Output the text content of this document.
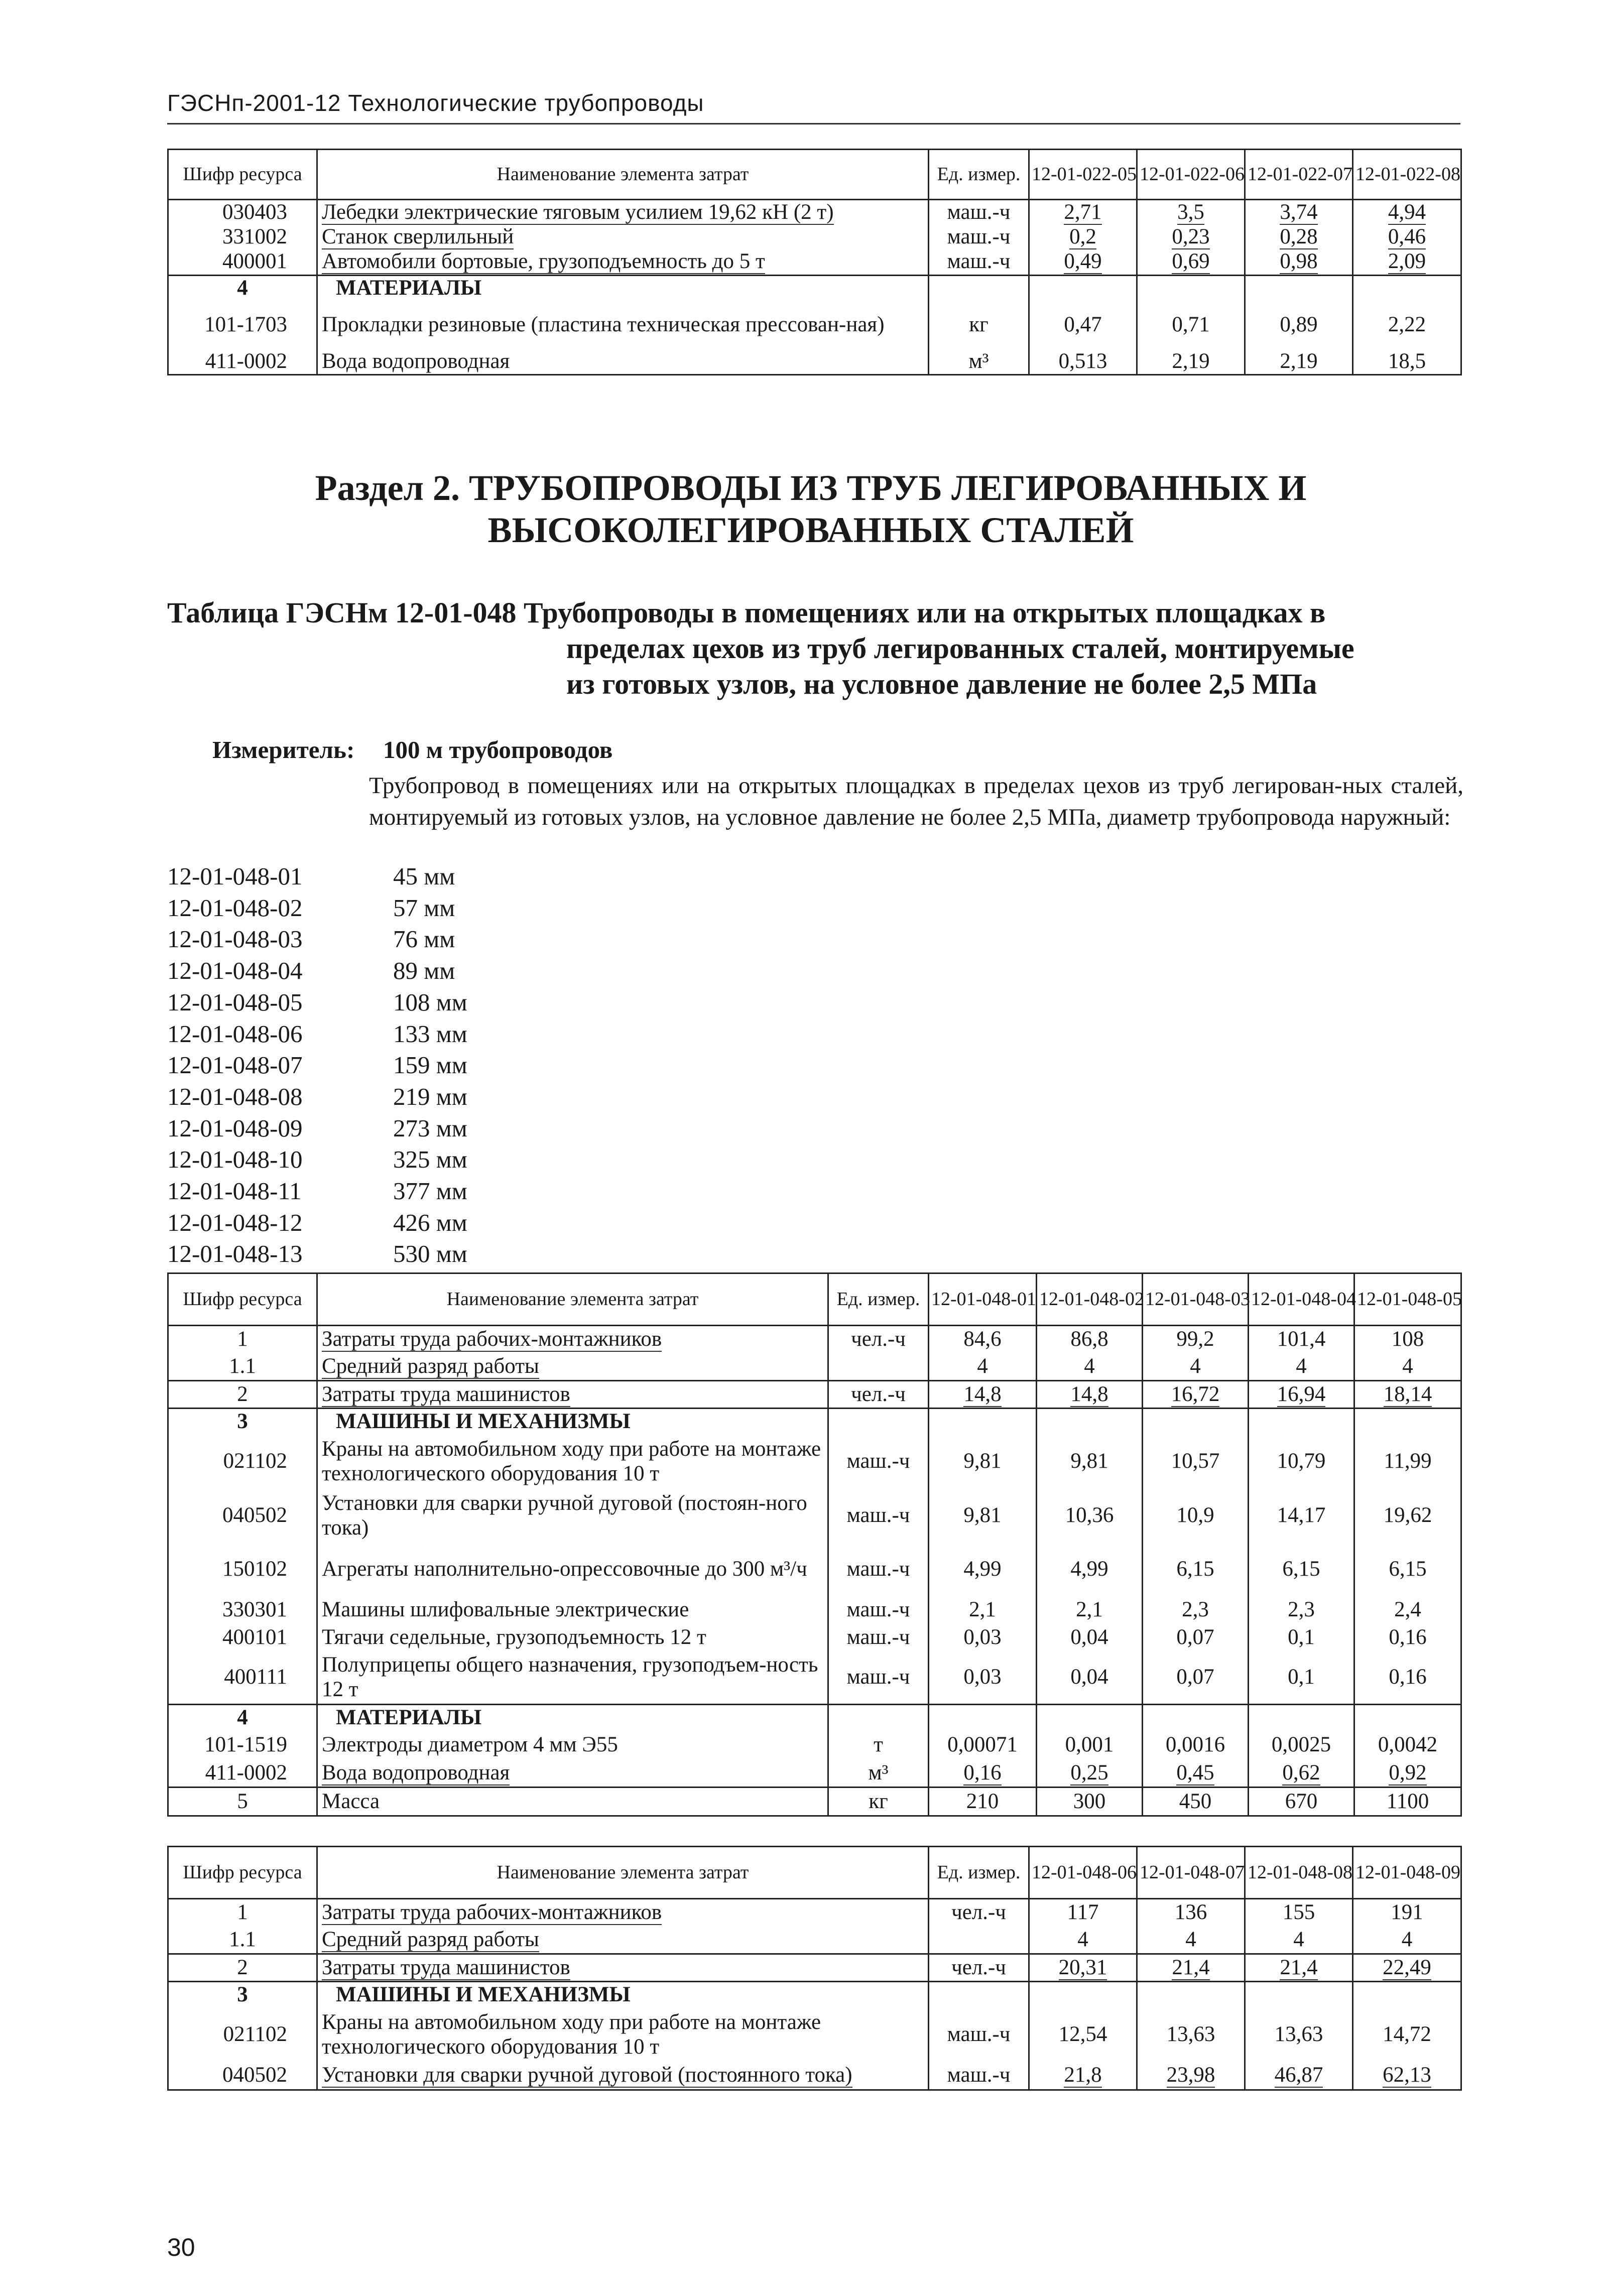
ГЭСНп-2001-12 Технологические трубопроводы
Шифр ресурса	Наименование элемента затрат	Ед. измер.	12-01-022-05	12-01-022-06	12-01-022-07	12-01-022-08
030403	Лебедки электрические тяговым усилием 19,62 кН (2 т)	маш.-ч	2,71	3,5	3,74	4,94
331002	Станок сверлильный	маш.-ч	0,2	0,23	0,28	0,46
400001	Автомобили бортовые, грузоподъемность до 5 т	маш.-ч	0,49	0,69	0,98	2,09
4	МАТЕРИАЛЫ					
101-1703	Прокладки резиновые (пластина техническая прессован-ная)	кг	0,47	0,71	0,89	2,22
411-0002	Вода водопроводная	м³	0,513	2,19	2,19	18,5
Раздел 2. ТРУБОПРОВОДЫ ИЗ ТРУБ ЛЕГИРОВАННЫХ И ВЫСОКОЛЕГИРОВАННЫХ СТАЛЕЙ
Таблица ГЭСНм 12-01-048 Трубопроводы в помещениях или на открытых площадках в
пределах цехов из труб легированных сталей, монтируемые
из готовых узлов, на условное давление не более 2,5 МПа
Измеритель: 100 м трубопроводов
Трубопровод в помещениях или на открытых площадках в пределах цехов из труб легирован-ных сталей, монтируемый из готовых узлов, на условное давление не более 2,5 МПа, диаметр трубопровода наружный:
12-01-048-01	45 мм
12-01-048-02	57 мм
12-01-048-03	76 мм
12-01-048-04	89 мм
12-01-048-05	108 мм
12-01-048-06	133 мм
12-01-048-07	159 мм
12-01-048-08	219 мм
12-01-048-09	273 мм
12-01-048-10	325 мм
12-01-048-11	377 мм
12-01-048-12	426 мм
12-01-048-13	530 мм
Шифр ресурса	Наименование элемента затрат	Ед. измер.	12-01-048-01	12-01-048-02	12-01-048-03	12-01-048-04	12-01-048-05
1	Затраты труда рабочих-монтажников	чел.-ч	84,6	86,8	99,2	101,4	108
1.1	Средний разряд работы		4	4	4	4	4
2	Затраты труда машинистов	чел.-ч	14,8	14,8	16,72	16,94	18,14
3	МАШИНЫ И МЕХАНИЗМЫ						
021102	Краны на автомобильном ходу при работе на монтаже технологического оборудования 10 т	маш.-ч	9,81	9,81	10,57	10,79	11,99
040502	Установки для сварки ручной дуговой (постоян-ного тока)	маш.-ч	9,81	10,36	10,9	14,17	19,62
150102	Агрегаты наполнительно-опрессовочные до 300 м³/ч	маш.-ч	4,99	4,99	6,15	6,15	6,15
330301	Машины шлифовальные электрические	маш.-ч	2,1	2,1	2,3	2,3	2,4
400101	Тягачи седельные, грузоподъемность 12 т	маш.-ч	0,03	0,04	0,07	0,1	0,16
400111	Полуприцепы общего назначения, грузоподъем-ность 12 т	маш.-ч	0,03	0,04	0,07	0,1	0,16
4	МАТЕРИАЛЫ						
101-1519	Электроды диаметром 4 мм Э55	т	0,00071	0,001	0,0016	0,0025	0,0042
411-0002	Вода водопроводная	м³	0,16	0,25	0,45	0,62	0,92
5	Масса	кг	210	300	450	670	1100
Шифр ресурса	Наименование элемента затрат	Ед. измер.	12-01-048-06	12-01-048-07	12-01-048-08	12-01-048-09
1	Затраты труда рабочих-монтажников	чел.-ч	117	136	155	191
1.1	Средний разряд работы		4	4	4	4
2	Затраты труда машинистов	чел.-ч	20,31	21,4	21,4	22,49
3	МАШИНЫ И МЕХАНИЗМЫ					
021102	Краны на автомобильном ходу при работе на монтаже технологического оборудования 10 т	маш.-ч	12,54	13,63	13,63	14,72
040502	Установки для сварки ручной дуговой (постоянного тока)	маш.-ч	21,8	23,98	46,87	62,13
30
